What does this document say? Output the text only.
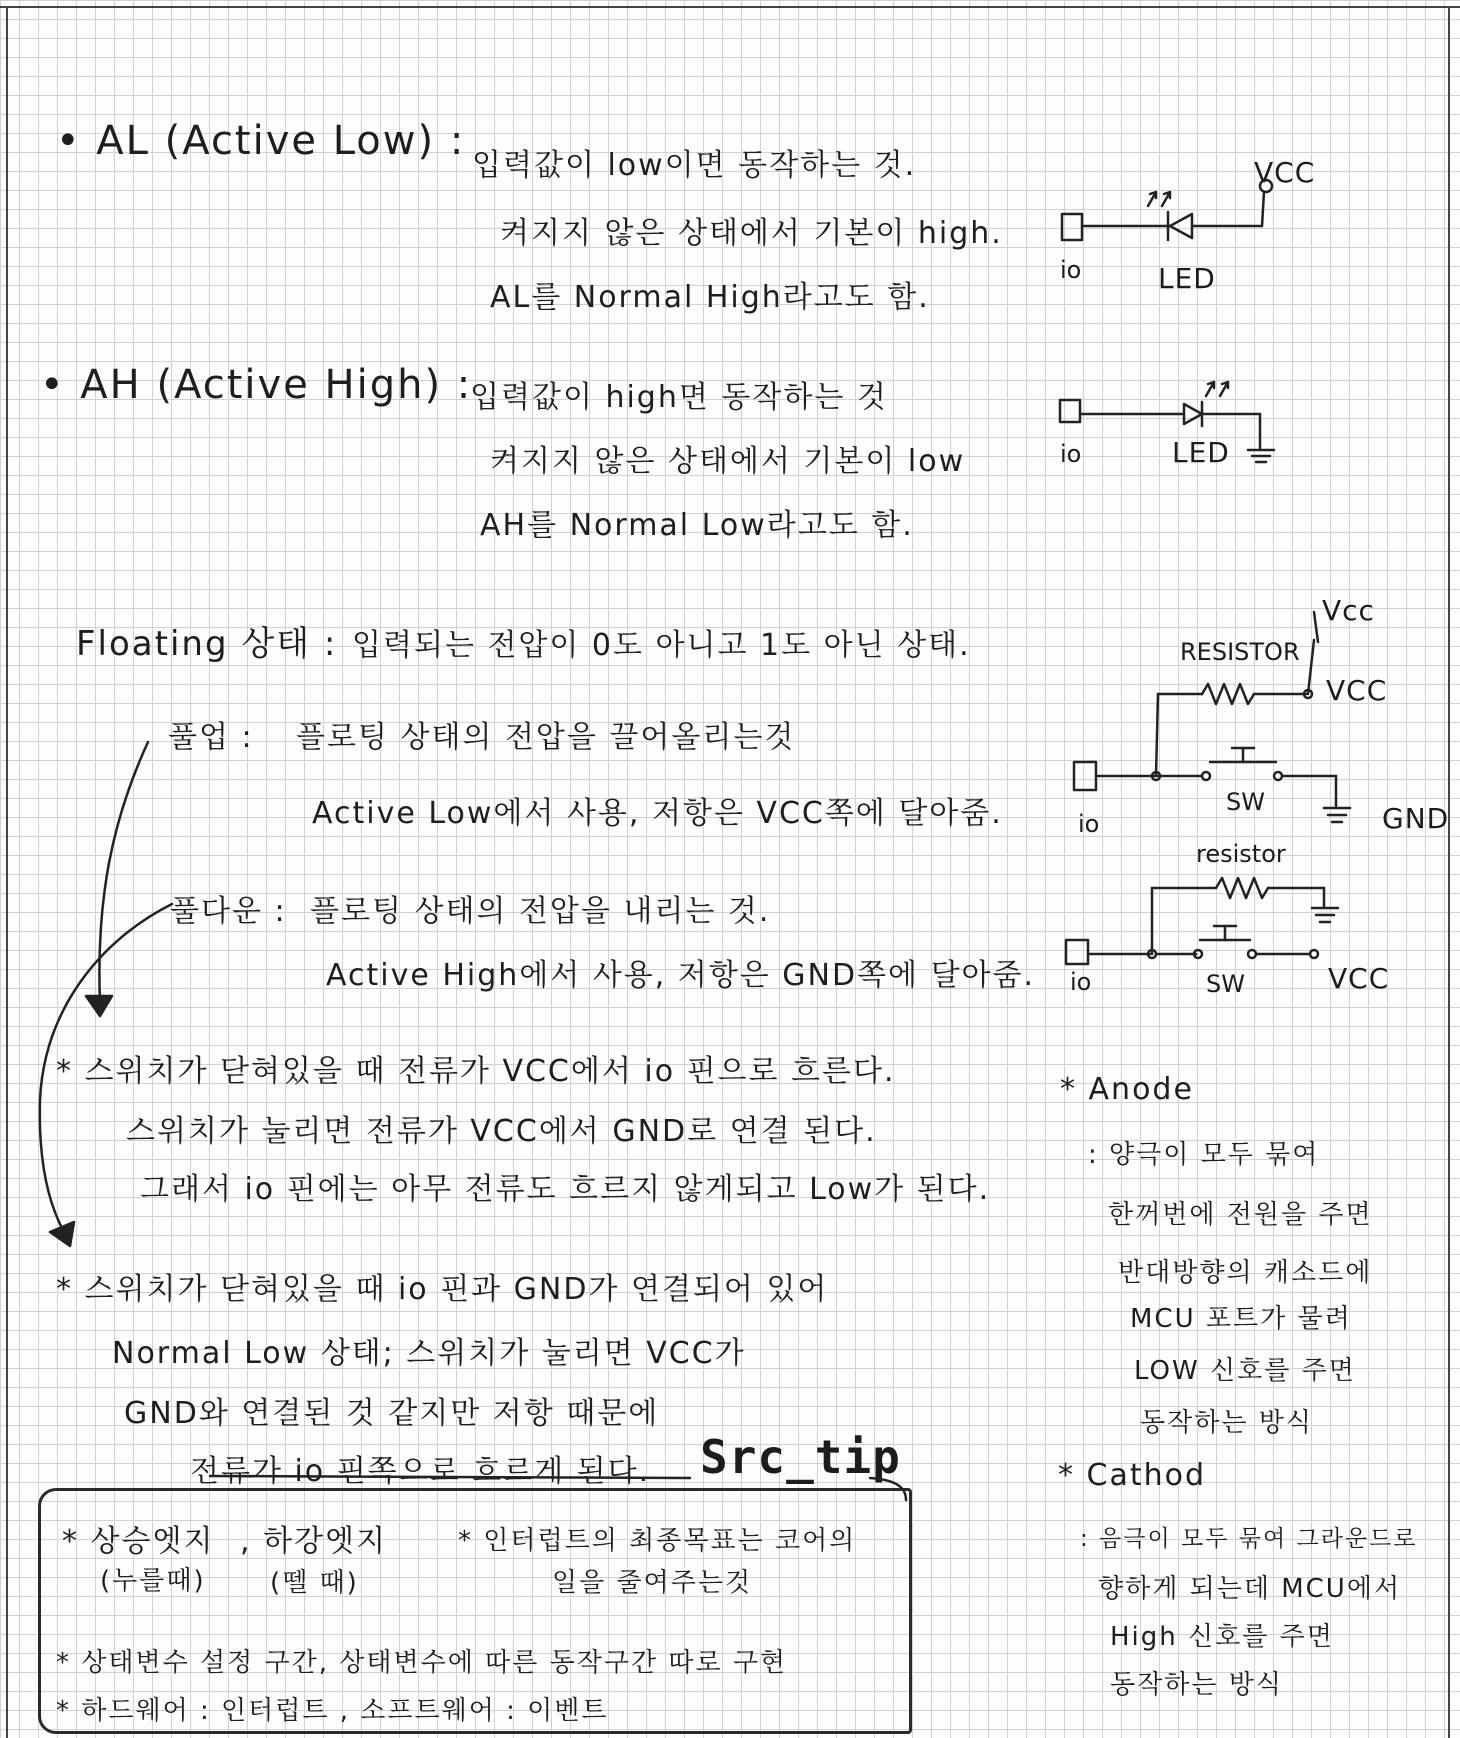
• AL (Active Low) :
입력값이 low이면 동작하는 것.
켜지지 않은 상태에서 기본이 high.
AL를 Normal High라고도 함.
• AH (Active High) :
입력값이 high면 동작하는 것
켜지지 않은 상태에서 기본이 low
AH를 Normal Low라고도 함.
Floating 상태 : 입력되는 전압이 0도 아니고 1도 아닌 상태.
풀업 : 플로팅 상태의 전압을 끌어올리는것
Active Low에서 사용, 저항은 VCC쪽에 달아줌.
풀다운 : 플로팅 상태의 전압을 내리는 것.
Active High에서 사용, 저항은 GND쪽에 달아줌.
* 스위치가 닫혀있을 때 전류가 VCC에서 io 핀으로 흐른다.
스위치가 눌리면 전류가 VCC에서 GND로 연결 된다.
그래서 io 핀에는 아무 전류도 흐르지 않게되고 Low가 된다.
* 스위치가 닫혀있을 때 io 핀과 GND가 연결되어 있어
Normal Low 상태; 스위치가 눌리면 VCC가
GND와 연결된 것 같지만 저항 때문에
전류가 io 핀쪽으로 흐르게 된다. Src_tip
* 상승엣지
(누를때)
, 하강엣지
(뗄 때)
* 인터럽트의 최종목표는 코어의
일을 줄여주는것
* 상태변수 설정 구간, 상태변수에 따른 동작구간 따로 구현
* 하드웨어 : 인터럽트 , 소프트웨어 : 이벤트
* Anode
: 양극이 모두 묶여
한꺼번에 전원을 주면
반대방향의 캐소드에
MCU 포트가 물려
LOW 신호를 주면
동작하는 방식
* Cathod
: 음극이 모두 묶여 그라운드로
향하게 되는데 MCU에서
High 신호를 주면
동작하는 방식
VCC
io	LED
io	LED
Vcc
RESISTOR
VCC
SW	GND
io
resistor
SW	VCC
io
